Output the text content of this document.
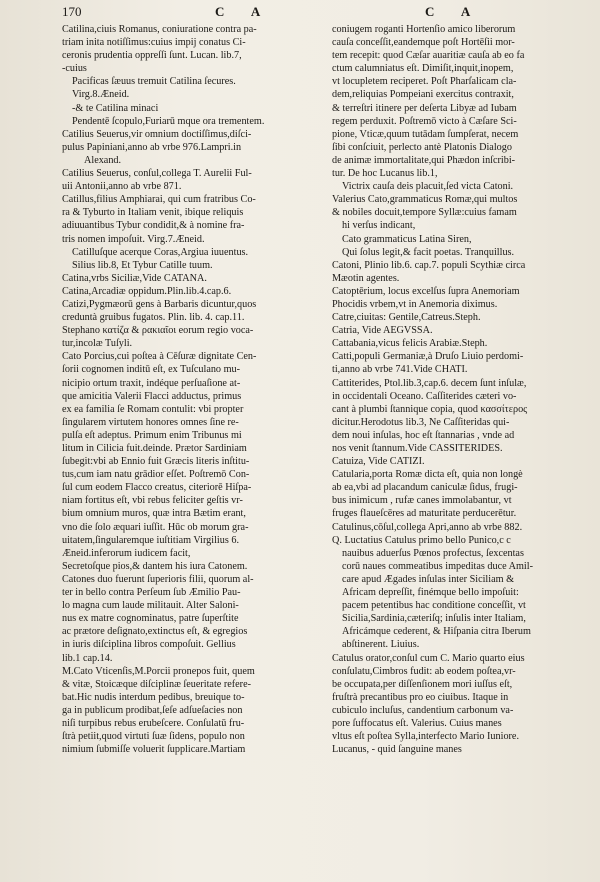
170	C A	C A
Catilina,ciuis Romanus, coniuratione contra pa-
triam inita notiſſimus:cuius impij conatus Ci-
ceronis prudentia oppreſſi ſunt. Lucan. lib.7,
-cuius
Pacificas ſæuus tremuit Catilina ſecures.
Virg.8.Æneid.
-& te Catilina minaci
Pendentē ſcopulo,Furiarū mque ora trementem.
Catilius Seuerus,vir omnium doctiſſimus,diſci-
pulus Papiniani,anno ab vrbe 976.Lampri.in
Alexand.
Catilius Seuerus, conſul,collega T. Aurelii Ful-
uii Antonii,anno ab vrbe 871.
Catillus,filius Amphiarai, qui cum fratribus Co-
ra & Tyburto in Italiam venit, ibique reliquis
adiuuantibus Tybur condidit,& à nomine fra-
tris nomen impoſuit. Virg.7.Æneid.
Catilluſque acerque Coras,Argiua iuuentus.
Silius lib.8, Et Tybur Catille tuum.
Catina,vrbs Siciliæ,Vide CATANA.
Catina,Arcadiæ oppidum.Plin.lib.4.cap.6.
Catizi,Pygmæorū gens à Barbaris dicuntur,quos
creduntà gruibus fugatos. Plin. lib. 4. cap.11.
Stephano κατίζα & ρακιαῖοι eorum regio voca-
tur,incolæ Tuſyli.
Cato Porcius,cui poſtea à Cēſuræ dignitate Cen-
ſorii cognomen inditū eſt, ex Tuſculano mu-
nicipio ortum traxit, indéque perſuaſione at-
que amicitia Valerii Flacci adductus, primus
ex ea familia ſe Romam contulit: vbi propter
ſingularem virtutem honores omnes ſine re-
pulſa eſt adeptus. Primum enim Tribunus mi
litum in Cilicia fuit.deinde. Prætor Sardiniam
ſubegit:vbi ab Ennio fuit Græcis literis inſtitu-
tus,cum iam natu grādior eſſet. Poſtremō Con-
ſul cum eodem Flacco creatus, citeriorē Hiſpa-
niam fortitus eſt, vbi rebus feliciter geſtis vr-
bium omnium muros, quæ intra Bætim erant,
vno die ſolo æquari iuſſit. Hūc ob morum gra-
uitatem,ſingularemque iuſtitiam Virgilius 6.
Æneid.inferorum iudicem facit,
Secretoſque pios,& dantem his iura Catonem.
Catones duo fuerunt ſuperioris filii, quorum al-
ter in bello contra Perſeum ſub Æmilio Pau-
lo magna cum laude militauit. Alter Saloni-
nus ex matre cognominatus, patre ſuperſtite
ac prætore deſignato,extinctus eſt, & egregios
in iuris diſciplina libros compoſuit. Gellius
lib.1 cap.14.
M.Cato Vticenſis,M.Porcii pronepos fuit, quem
& vitæ, Stoicæque diſciplinæ ſeueritate refere-
bat.Hic nudis interdum pedibus, breuique to-
ga in publicum prodibat,ſeſe adſueſacies non
niſi turpibus rebus erubeſcere. Conſulatū fru-
ſtrà petiit,quod virtuti ſuæ ſidens, populo non
nimium ſubmiſſe voluerit ſupplicare.Martiam
coniugem roganti Hortenſio amico liberorum
cauſa conceſſit,eandemque poſt Hortēſii mor-
tem recepit: quod Cæſar auaritiæ cauſa ab eo fa
ctum calumniatus eſt. Dimiſit,inquit,inopem,
vt locupletem reciperet. Poſt Pharſalicam cla-
dem,reliquias Pompeiani exercitus contraxit,
& terreſtri itinere per deſerta Libyæ ad Iubam
regem perduxit. Poſtremō victo à Cæſare Sci-
pione, Vticæ,quum tutādam ſumpſerat, necem
ſibi conſciuit, perlecto antè Platonis Dialogo
de animæ immortalitate,qui Phædon inſcribi-
tur. De hoc Lucanus lib.1,
Victrix cauſa deis placuit,ſed victa Catoni.
Valerius Cato,grammaticus Romæ,qui multos
& nobiles docuit,tempore Syllæ:cuius famam
hi verſus indicant,
Cato grammaticus Latina Siren,
Qui ſolus legit,& facit poetas. Tranquillus.
Catoni, Plinio lib.6. cap.7. populi Scythiæ circa
Mæotin agentes.
Catoptērium, locus excelſus ſupra Anemoriam
Phocidis vrbem,vt in Anemoria diximus.
Catre,ciuitas: Gentile,Catreus.Steph.
Catria, Vide AEGVSSA.
Cattabania,vicus felicis Arabiæ.Steph.
Catti,populi Germaniæ,à Druſo Liuio perdomi-
ti,anno ab vrbe 741.Vide CHATI.
Cattiterides, Ptol.lib.3,cap.6. decem ſunt inſulæ,
in occidentali Oceano. Caſſiterides cæteri vo-
cant à plumbi ſtannique copia, quod κασσίτερος
dicitur.Herodotus lib.3, Ne Caſſiteridas qui-
dem noui inſulas, hoc eſt ſtannarias , vnde ad
nos venit ſtannum.Vide CASSITERIDES.
Catuiza, Vide CATIZI.
Catularia,porta Romæ dicta eſt, quia non longè
ab ea,vbi ad placandum caniculæ ſidus, frugi-
bus inimicum , rufæ canes immolabantur, vt
fruges flaueſcēres ad maturitate perducerētur.
Catulinus,cōſul,collega Apri,anno ab vrbe 882.
Q. Luctatius Catulus primo bello Punico,c c
nauibus aduerſus Pœnos profectus, ſexcentas
corū naues commeatibus impeditas duce Amil-
care apud Ægades inſulas inter Siciliam &
Africam depreſſit, finémque bello impoſuit:
pacem petentibus hac conditione conceſſit, vt
Sicilia,Sardinia,cæteriſq; inſulis inter Italiam,
Africámque cederent, & Hiſpania citra Iberum
abſtinerent. Liuius.
Catulus orator,conſul cum C. Mario quarto eius
conſulatu,Cimbros fudit: ab eodem poſtea,vr-
be occupata,per diſſenſionem mori iuſſus eſt,
fruſtrà precantibus pro eo ciuibus. Itaque in
cubiculo incluſus, candentium carbonum va-
pore ſuffocatus eſt. Valerius. Cuius manes
vltus eſt poſtea Sylla,interfecto Mario Iuniore.
Lucanus, - quid ſanguine manes
